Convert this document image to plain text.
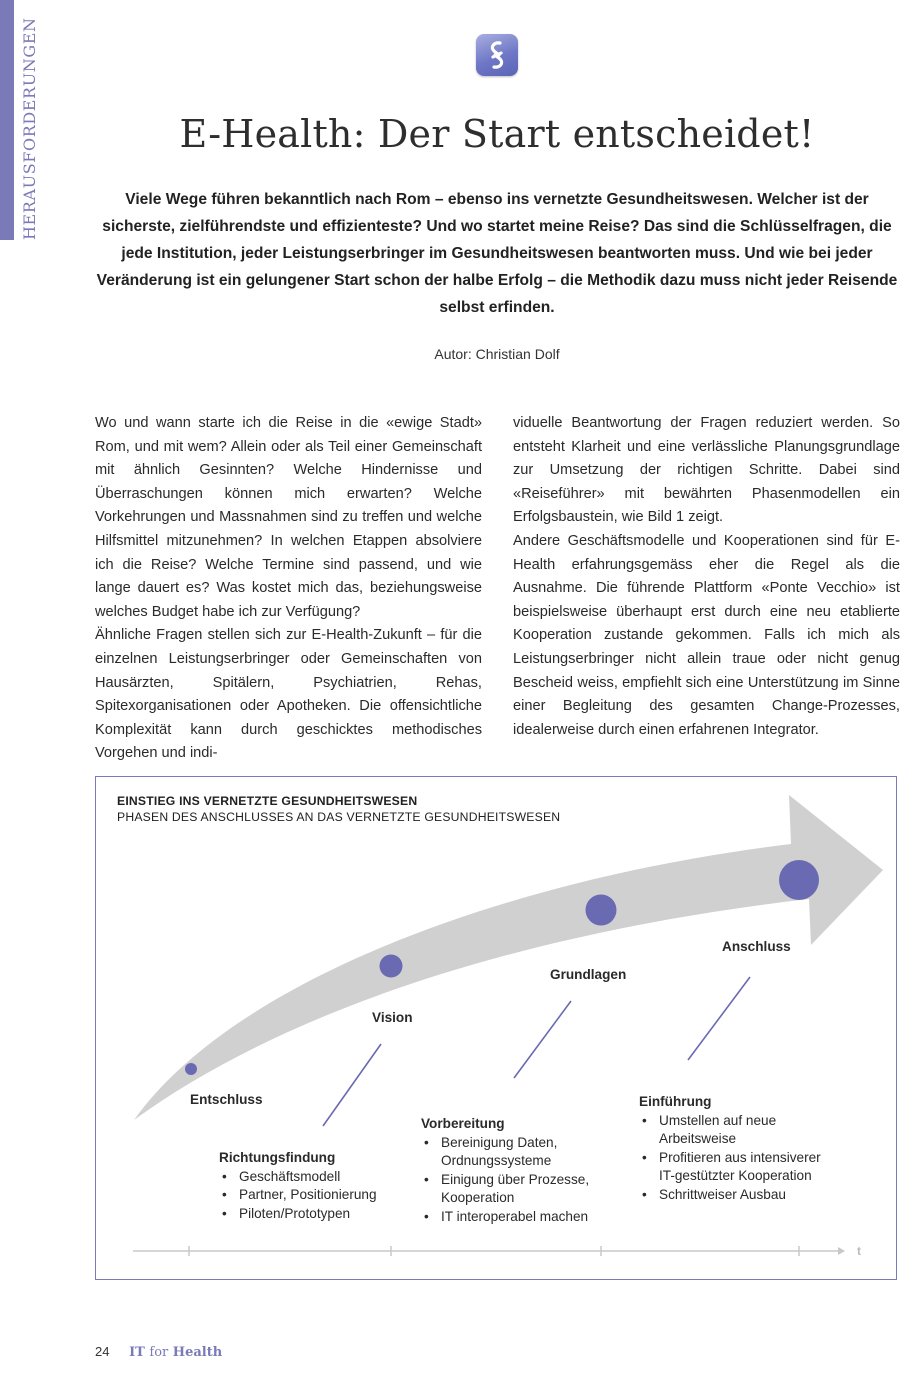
HERAUSFORDERUNGEN	E-Health: Der Start entscheidet!

Viele Wege führen bekanntlich nach Rom – ebenso ins vernetzte Gesundheitswesen. Welcher ist der sicherste, zielführendste und effizienteste? Und wo startet meine Reise? Das sind die Schlüsselfragen, die jede Institution, jeder Leistungserbringer im Gesundheitswesen beantworten muss. Und wie bei jeder Veränderung ist ein gelungener Start schon der halbe Erfolg – die Methodik dazu muss nicht jeder Reisende selbst erfinden.

Autor: Christian Dolf

Wo und wann starte ich die Reise in die «ewige Stadt» Rom, und mit wem? Allein oder als Teil einer Gemeinschaft mit ähnlich Gesinnten? Welche Hindernisse und Überraschungen können mich erwarten? Welche Vorkehrungen und Massnahmen sind zu treffen und welche Hilfsmittel mitzunehmen? In welchen Etappen absolviere ich die Reise? Welche Termine sind passend, und wie lange dauert es? Was kostet mich das, beziehungsweise welches Budget habe ich zur Verfügung?

Ähnliche Fragen stellen sich zur E-Health-Zukunft – für die einzelnen Leistungserbringer oder Gemeinschaften von Hausärzten, Spitälern, Psychiatrien, Rehas, Spitexorganisationen oder Apotheken. Die offensichtliche Komplexität kann durch geschicktes methodisches Vorgehen und indi-

viduelle Beantwortung der Fragen reduziert werden. So entsteht Klarheit und eine verlässliche Planungsgrundlage zur Umsetzung der richtigen Schritte. Dabei sind «Reiseführer» mit bewährten Phasenmodellen ein Erfolgsbaustein, wie Bild 1 zeigt.

Andere Geschäftsmodelle und Kooperationen sind für E-Health erfahrungsgemäss eher die Regel als die Ausnahme. Die führende Plattform «Ponte Vecchio» ist beispielsweise überhaupt erst durch eine neu etablierte Kooperation zustande gekommen. Falls ich mich als Leistungserbringer nicht allein traue oder nicht genug Bescheid weiss, empfiehlt sich eine Unterstützung im Sinne einer Begleitung des gesamten Change-Prozesses, idealerweise durch einen erfahrenen Integrator.

EINSTIEG INS VERNETZTE GESUNDHEITSWESEN
PHASEN DES ANSCHLUSSES AN DAS VERNETZTE GESUNDHEITSWESEN
Entschluss
Vision
Grundlagen
Anschluss

Richtungsfindung

• Geschäftsmodell
• Partner, Positionierung
• Piloten/Prototypen

Vorbereitung

• Bereinigung Daten, Ordnungssysteme
• Einigung über Prozesse, Kooperation
• IT interoperabel machen

Einführung

• Umstellen auf neue Arbeitsweise
• Profitieren aus intensiverer IT-gestützter Kooperation
• Schrittweiser Ausbau
t
24 IT for Health
